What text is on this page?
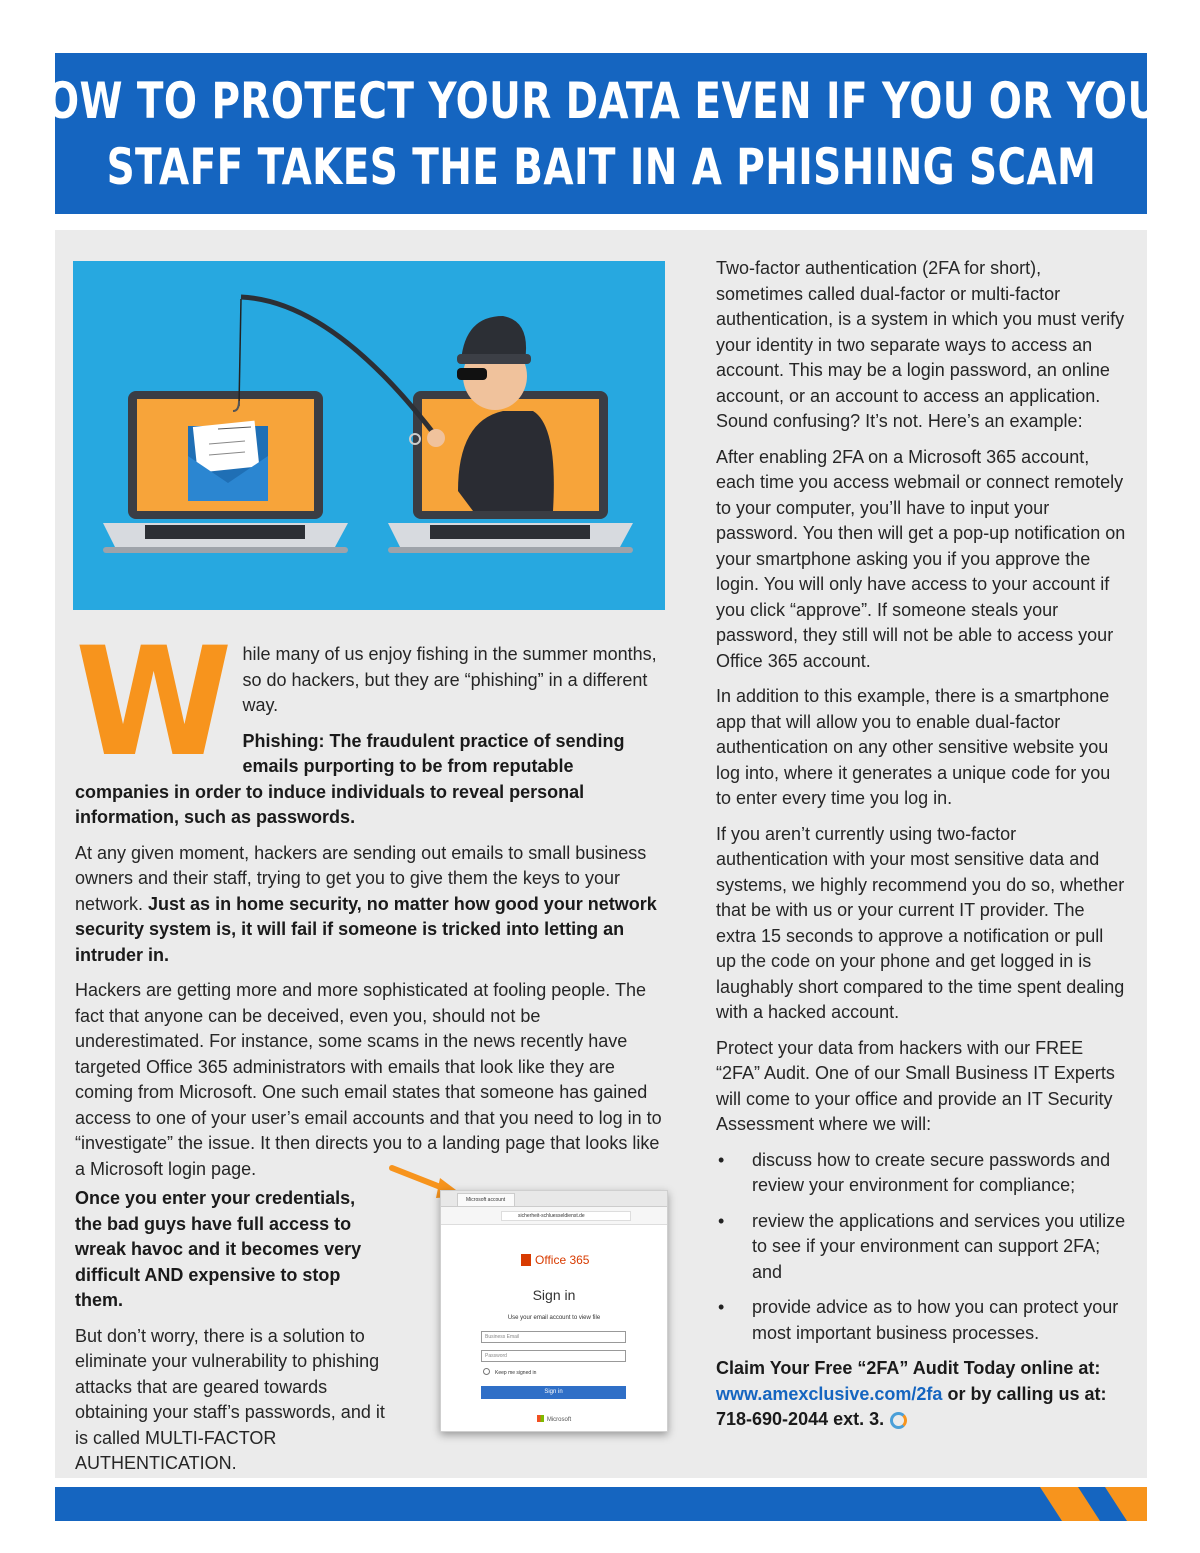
HOW TO PROTECT YOUR DATA EVEN IF YOU OR YOUR
STAFF TAKES THE BAIT IN A PHISHING SCAM
W hile many of us enjoy fishing in the summer months, so do hackers, but they are “phishing” in a different way.

Phishing: The fraudulent practice of sending emails purporting to be from reputable companies in order to induce individuals to reveal personal information, such as passwords.

At any given moment, hackers are sending out emails to small business owners and their staff, trying to get you to give them the keys to your network. Just as in home security, no matter how good your network security system is, it will fail if someone is tricked into letting an intruder in.

Hackers are getting more and more sophisticated at fooling people. The fact that anyone can be deceived, even you, should not be underestimated. For instance, some scams in the news recently have targeted Office 365 administrators with emails that look like they are coming from Microsoft. One such email states that someone has gained access to one of your user’s email accounts and that you need to log in to “investigate” the issue. It then directs you to a landing page that looks like a Microsoft login page.

Once you enter your credentials, the bad guys have full access to wreak havoc and it becomes very difficult AND expensive to stop them.

But don’t worry, there is a solution to eliminate your vulnerability to phishing attacks that are geared towards obtaining your staff’s passwords, and it is called MULTI-FACTOR AUTHENTICATION.

Microsoft account
sicherheit-schluesseldienst.de
Office 365
Sign in
Use your email account to view file
Business Email
Password
Keep me signed in
Sign in
Microsoft

Two-factor authentication (2FA for short), sometimes called dual-factor or multi-factor authentication, is a system in which you must verify your identity in two separate ways to access an account. This may be a login password, an online account, or an account to access an application. Sound confusing? It’s not. Here’s an example:

After enabling 2FA on a Microsoft 365 account, each time you access webmail or connect remotely to your computer, you’ll have to input your password. You then will get a pop-up notification on your smartphone asking you if you approve the login. You will only have access to your account if you click “approve”. If someone steals your password, they still will not be able to access your Office 365 account.

In addition to this example, there is a smartphone app that will allow you to enable dual-factor authentication on any other sensitive website you log into, where it generates a unique code for you to enter every time you log in.

If you aren’t currently using two-factor authentication with your most sensitive data and systems, we highly recommend you do so, whether that be with us or your current IT provider. The extra 15 seconds to approve a notification or pull up the code on your phone and get logged in is laughably short compared to the time spent dealing with a hacked account.

Protect your data from hackers with our FREE “2FA” Audit. One of our Small Business IT Experts will come to your office and provide an IT Security Assessment where we will:

• discuss how to create secure passwords and review your environment for compliance;
• review the applications and services you utilize to see if your environment can support 2FA; and
• provide advice as to how you can protect your most important business processes.

Claim Your Free “2FA” Audit Today online at:
www.amexclusive.com/2fa or by calling us at:
718-690-2044 ext. 3.
